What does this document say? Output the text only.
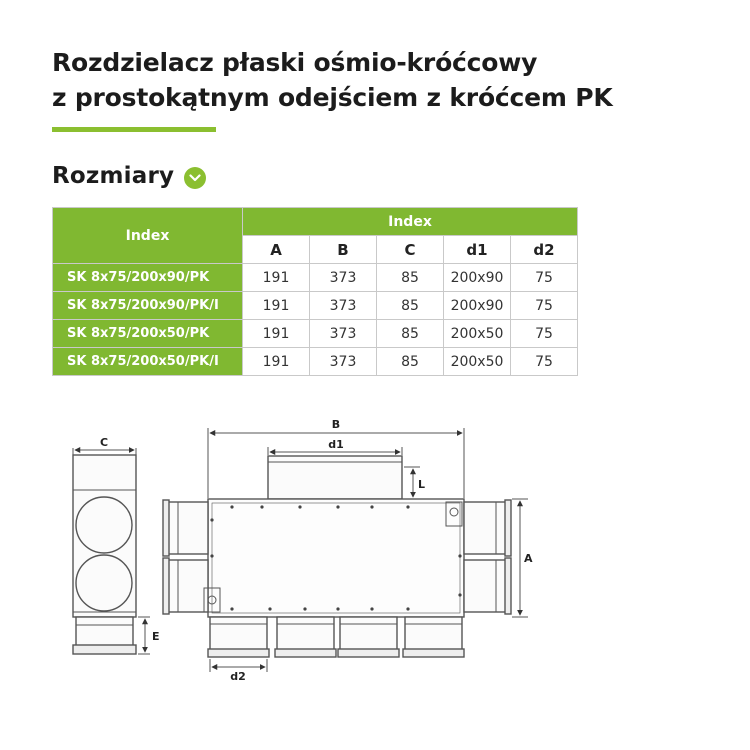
Rozdzielacz płaski ośmio-króćcowy
z prostokątnym odejściem z króćcem PK
Rozmiary
Index	Index				
	A	B	C	d1	d2
SK 8x75/200x90/PK	191	373	85	200x90	75
SK 8x75/200x90/PK/I	191	373	85	200x90	75
SK 8x75/200x50/PK	191	373	85	200x50	75
SK 8x75/200x50/PK/I	191	373	85	200x50	75
C
E
B
d1
L
A
d2
